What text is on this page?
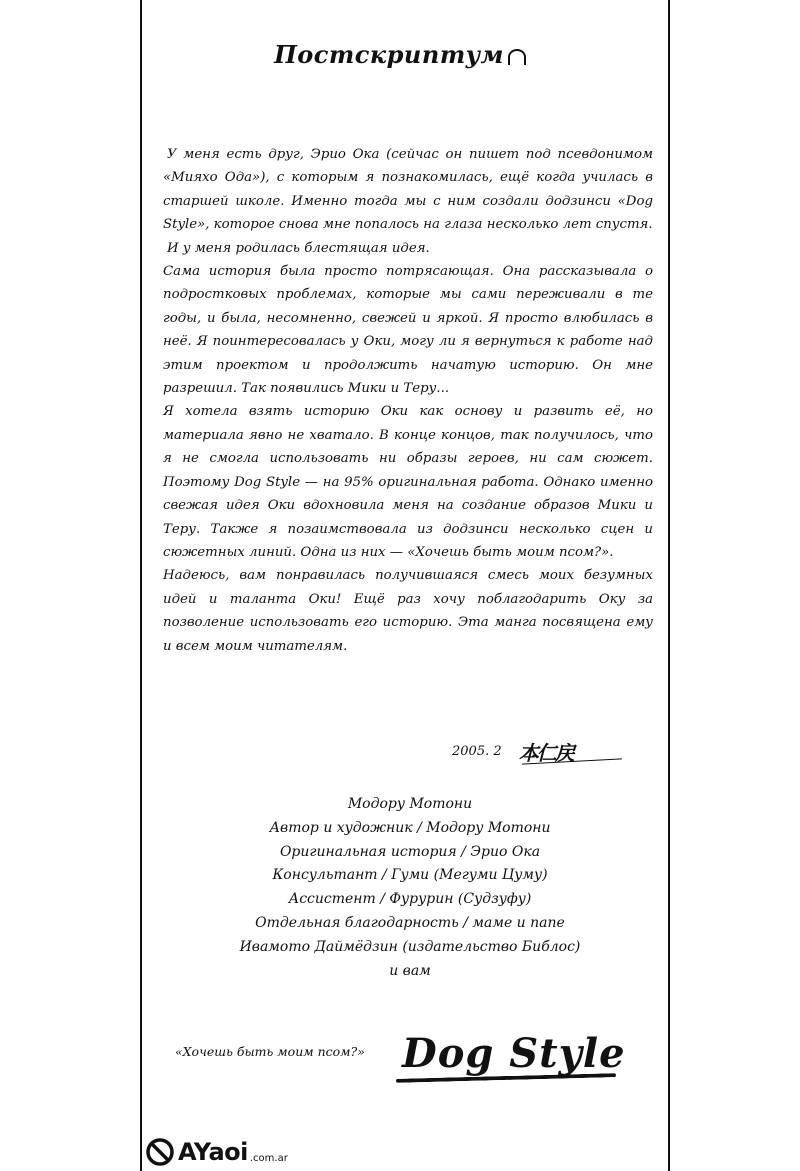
Постскриптум

У меня есть друг, Эрио Ока (сейчас он пишет под псевдонимом «Мияхо Ода»), с которым я познакомилась, ещё когда училась в старшей школе. Именно тогда мы с ним создали додзинси «Dog Style», которое снова мне попалось на глаза несколько лет спустя.

И у меня родилась блестящая идея.

Сама история была просто потрясающая. Она рассказывала о подростковых проблемах, которые мы сами переживали в те годы, и была, несомненно, свежей и яркой. Я просто влюбилась в неё. Я поинтересовалась у Оки, могу ли я вернуться к работе над этим проектом и продолжить начатую историю. Он мне разрешил. Так появились Мики и Теру...

Я хотела взять историю Оки как основу и развить её, но материала явно не хватало. В конце концов, так получилось, что я не смогла использовать ни образы героев, ни сам сюжет. Поэтому Dog Style — на 95% оригинальная работа. Однако именно свежая идея Оки вдохновила меня на создание образов Мики и Теру. Также я позаимствовала из додзинси несколько сцен и сюжетных линий. Одна из них — «Хочешь быть моим псом?».

Надеюсь, вам понравилась получившаяся смесь моих безумных идей и таланта Оки! Ещё раз хочу поблагодарить Оку за позволение использовать его историю. Эта манга посвящена ему и всем моим читателям.

2005. 2 本仁戻
Модору Мотони
Автор и художник / Модору Мотони
Оригинальная история / Эрио Ока
Консультант / Гуми (Мегуми Цуму)
Ассистент / Фурурин (Судзуфу)
Отдельная благодарность / маме и папе
Ивамото Даймёдзин (издательство Библос)
и вам
«Хочешь быть моим псом?» Dog Style
AYaoi .com.ar
